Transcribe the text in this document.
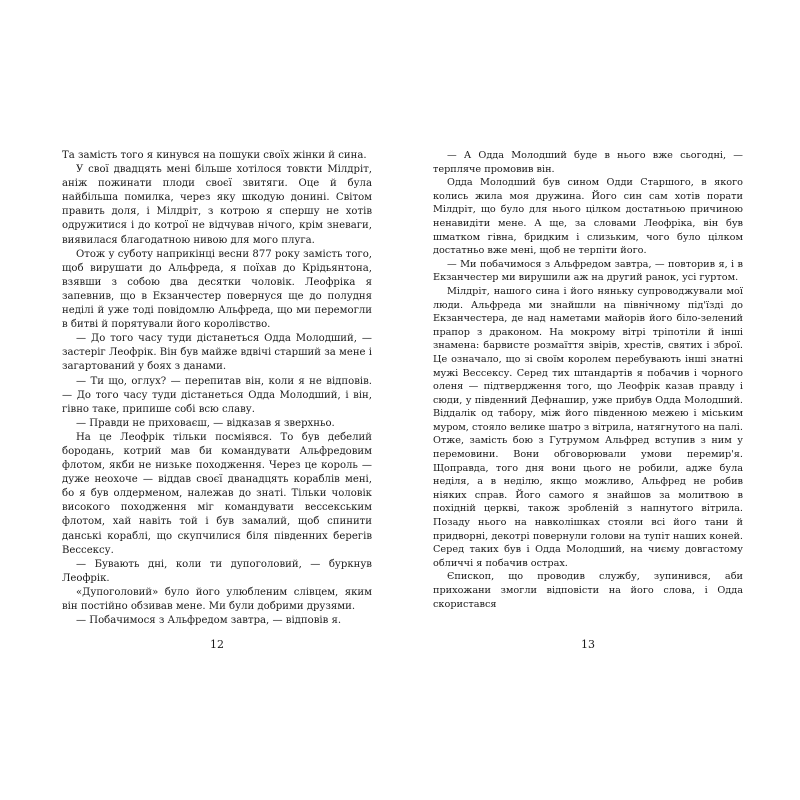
Та замість того я кинувся на пошуки своїх жінки й сина.

У свої двадцять мені більше хотілося товкти Мілдріт, аніж пожинати плоди своєї звитяги. Оце й була найбільша помилка, через яку шкодую донині. Світом править доля, і Мілдріт, з котрою я спершу не хотів одружитися і до котрої не відчував нічого, крім зневаги, виявилася благодатною нивою для мого плуга.

Отож у суботу наприкінці весни 877 року замість того, щоб вирушати до Альфреда, я поїхав до Крідьянтона, взявши з собою два десятки чоловік. Леофріка я запевнив, що в Екзанчестер повернуся ще до полудня неділі й уже тоді повідомлю Альфреда, що ми перемогли в битві й порятували його королівство.

— До того часу туди дістанеться Одда Молодший, — застеріг Леофрік. Він був майже вдвічі старший за мене і загартований у боях з данами.

— Ти що, оглух? — перепитав він, коли я не відповів. — До того часу туди дістанеться Одда Молодший, і він, гівно таке, припише собі всю славу.

— Правди не приховаєш, — відказав я зверхньо.

На це Леофрік тільки посміявся. То був дебелий бородань, котрий мав би командувати Альфредовим флотом, якби не низьке походження. Через це король — дуже неохоче — віддав своєї дванадцять кораблів мені, бо я був олдерменом, належав до знаті. Тільки чоловік високого походження міг командувати вессекським флотом, хай навіть той і був замалий, щоб спинити данські кораблі, що скупчилися біля південних берегів Вессексу.

— Бувають дні, коли ти дупоголовий, — буркнув Леофрік.

«Дупоголовий» було його улюбленим слівцем, яким він постійно обзивав мене. Ми були добрими друзями.

— Побачимося з Альфредом завтра, — відповів я.

12

— А Одда Молодший буде в нього вже сьогодні, — терпляче промовив він.

Одда Молодший був сином Одди Старшого, в якого колись жила моя дружина. Його син сам хотів порати Мілдріт, що було для нього цілком достатньою причиною ненавидіти мене. А ще, за словами Леофріка, він був шматком гівна, бридким і слизьким, чого було цілком достатньо вже мені, щоб не терпіти його.

— Ми побачимося з Альфредом завтра, — повторив я, і в Екзанчестер ми вирушили аж на другий ранок, усі гуртом.

Мілдріт, нашого сина і його няньку супроводжували мої люди. Альфреда ми знайшли на північному під'їзді до Екзанчестера, де над наметами майорів його біло-зелений прапор з драконом. На мокрому вітрі тріпотіли й інші знамена: барвисте розмаїття звірів, хрестів, святих і зброї. Це означало, що зі своїм королем перебувають інші знатні мужі Вессексу. Серед тих штандартів я побачив і чорного оленя — підтвердження того, що Леофрік казав правду і сюди, у південний Дефнашир, уже прибув Одда Молодший. Віддалік од табору, між його південною межею і міським муром, стояло велике шатро з вітрила, натягнутого на палі. Отже, замість бою з Гутрумом Альфред вступив з ним у перемовини. Вони обговорювали умови перемир'я. Щоправда, того дня вони цього не робили, адже була неділя, а в неділю, якщо можливо, Альфред не робив ніяких справ. Його самого я знайшов за молитвою в похідній церкві, також зробленій з напнутого вітрила. Позаду нього на навколішках стояли всі його тани й придворні, декотрі повернули голови на тупіт наших коней. Серед таких був і Одда Молодший, на чиєму довгастому обличчі я побачив острах.

Єпископ, що проводив службу, зупинився, аби прихожани змогли відповісти на його слова, і Одда скористався

13
